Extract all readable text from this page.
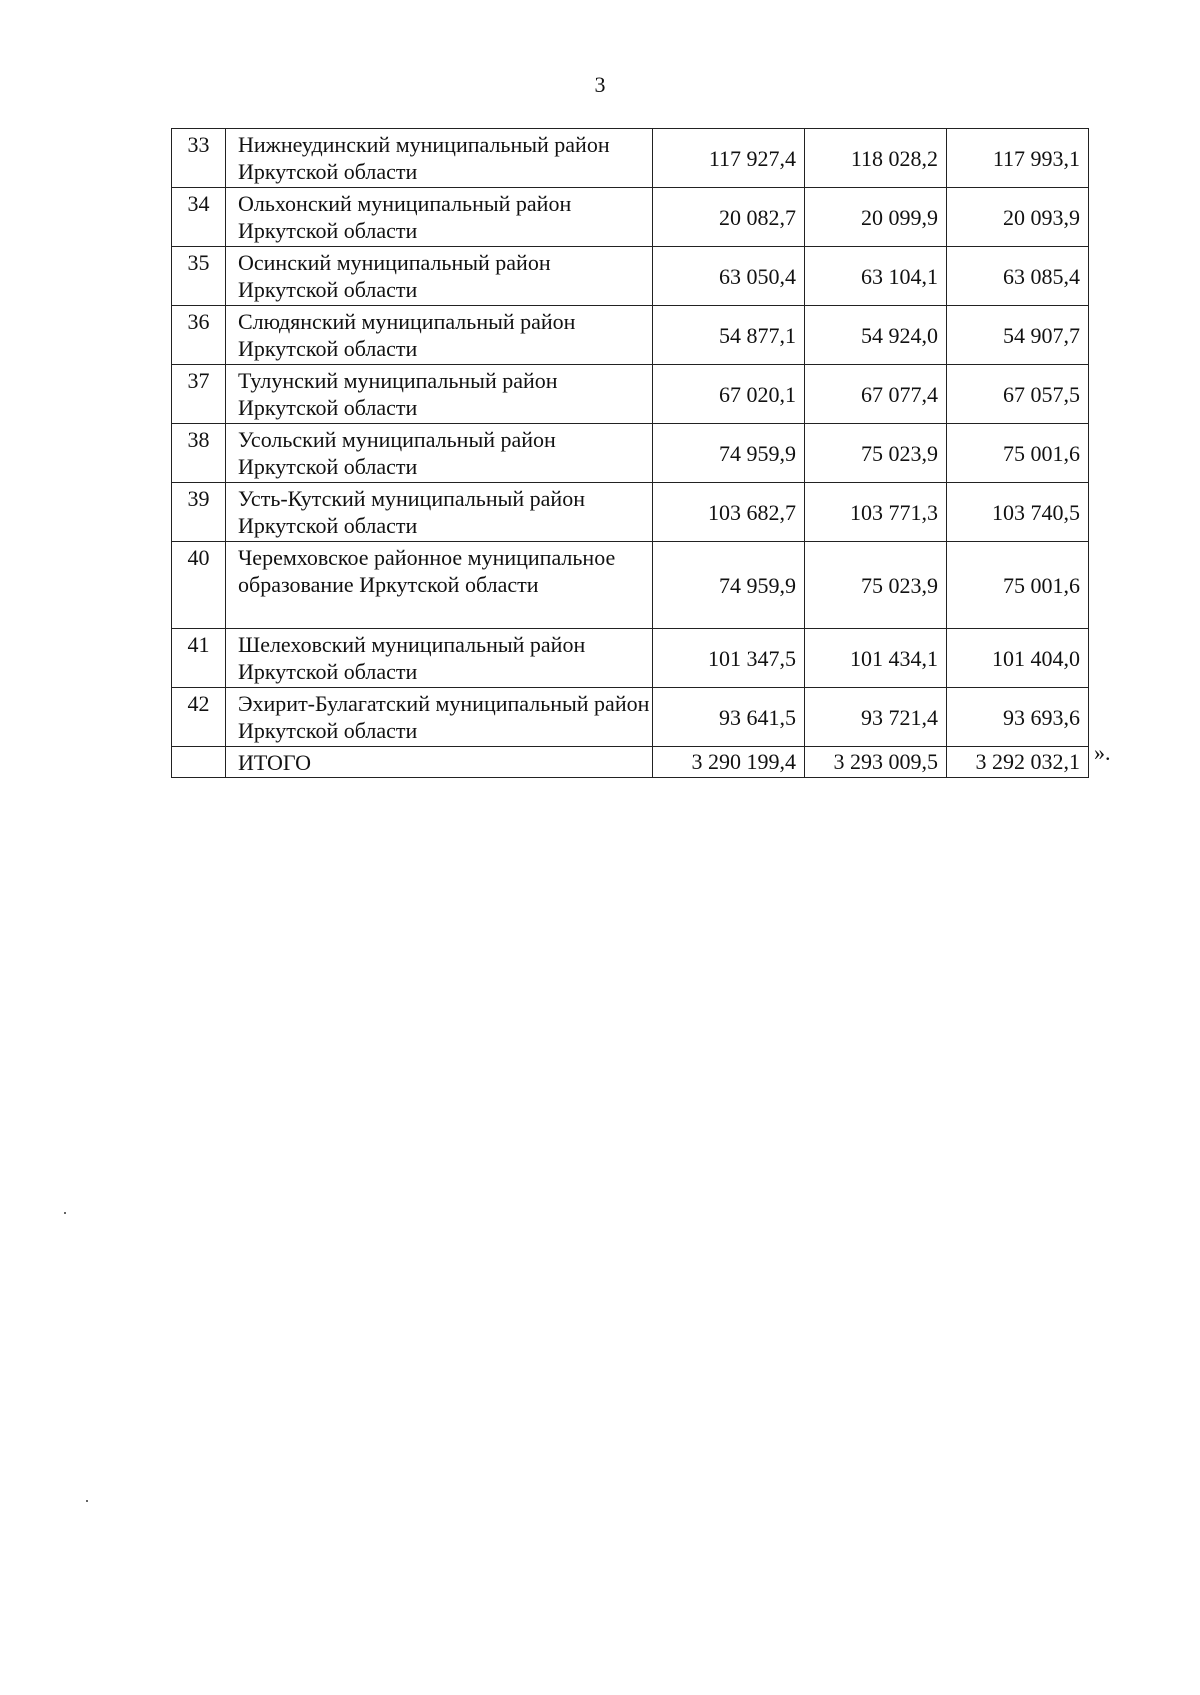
3
33	Нижнеудинский муниципальный район Иркутской области	117 927,4	118 028,2	117 993,1
34	Ольхонский муниципальный район Иркутской области	20 082,7	20 099,9	20 093,9
35	Осинский муниципальный район Иркутской области	63 050,4	63 104,1	63 085,4
36	Слюдянский муниципальный район Иркутской области	54 877,1	54 924,0	54 907,7
37	Тулунский муниципальный район Иркутской области	67 020,1	67 077,4	67 057,5
38	Усольский муниципальный район Иркутской области	74 959,9	75 023,9	75 001,6
39	Усть-Кутский муниципальный район Иркутской области	103 682,7	103 771,3	103 740,5
40	Черемховское районное муниципальное образование Иркутской области	74 959,9	75 023,9	75 001,6
41	Шелеховский муниципальный район Иркутской области	101 347,5	101 434,1	101 404,0
42	Эхирит-Булагатский муниципальный район Иркутской области	93 641,5	93 721,4	93 693,6
	ИТОГО	3 290 199,4	3 293 009,5	3 292 032,1 ».
